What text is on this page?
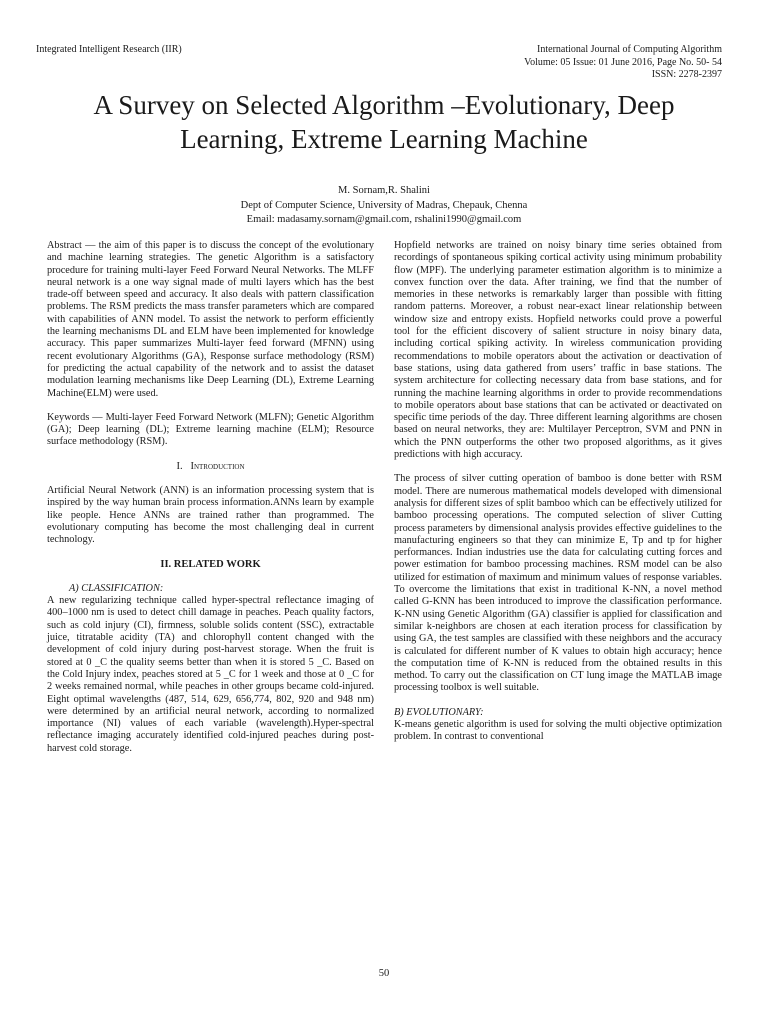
Integrated Intelligent Research (IIR)	International Journal of Computing Algorithm
Volume: 05 Issue: 01 June 2016, Page No. 50- 54
ISSN: 2278-2397
A Survey on Selected Algorithm –Evolutionary, Deep
Learning, Extreme Learning Machine
M. Sornam,R. Shalini
Dept of Computer Science, University of Madras, Chepauk, Chenna
Email: madasamy.sornam@gmail.com, rshalini1990@gmail.com

Abstract — the aim of this paper is to discuss the concept of the evolutionary and machine learning strategies. The genetic Algorithm is a satisfactory procedure for training multi-layer Feed Forward Neural Networks. The MLFF neural network is a one way signal made of multi layers which has the best trade-off between speed and accuracy. It also deals with pattern classification problems. The RSM predicts the mass transfer parameters which are compared with capabilities of ANN model. To assist the network to perform efficiently the learning mechanisms DL and ELM have been implemented for knowledge accuracy. This paper summarizes Multi-layer feed forward (MFNN) using recent evolutionary Algorithms (GA), Response surface methodology (RSM) for predicting the actual capability of the network and to assist the dataset modulation learning mechanisms like Deep Learning (DL), Extreme Learning Machine(ELM) were used.

Keywords — Multi-layer Feed Forward Network (MLFN); Genetic Algorithm (GA); Deep learning (DL); Extreme learning machine (ELM); Resource surface methodology (RSM).

I. Introduction

Artificial Neural Network (ANN) is an information processing system that is inspired by the way human brain process information.ANNs learn by example like people. Hence ANNs are trained rather than programmed. The evolutionary computing has become the most challenging deal in current technology.

II. RELATED WORK

A) CLASSIFICATION:

A new regularizing technique called hyper-spectral reflectance imaging of 400–1000 nm is used to detect chill damage in peaches. Peach quality factors, such as cold injury (CI), firmness, soluble solids content (SSC), extractable juice, titratable acidity (TA) and chlorophyll content changed with the development of cold injury during post-harvest storage. When the fruit is stored at 0 _C the quality seems better than when it is stored 5 _C. Based on the Cold Injury index, peaches stored at 5 _C for 1 week and those at 0 _C for 2 weeks remained normal, while peaches in other groups became cold-injured. Eight optimal wavelengths (487, 514, 629, 656,774, 802, 920 and 948 nm) were determined by an artificial neural network, according to normalized importance (NI) values of each variable (wavelength).Hyper-spectral reflectance imaging accurately identified cold-injured peaches during post-harvest cold storage.

Hopfield networks are trained on noisy binary time series obtained from recordings of spontaneous spiking cortical activity using minimum probability flow (MPF). The underlying parameter estimation algorithm is to minimize a convex function over the data. After training, we find that the number of memories in these networks is remarkably larger than possible with fitting random patterns. Moreover, a robust near-exact linear relationship between window size and entropy exists. Hopfield networks could prove a powerful tool for the efficient discovery of salient structure in noisy binary data, including cortical spiking activity. In wireless communication providing recommendations to mobile operators about the activation or deactivation of base stations, using data gathered from users’ traffic in base stations. The system architecture for collecting necessary data from base stations, and for running the machine learning algorithms in order to provide recommendations to mobile operators about base stations that can be activated or deactivated on specific time periods of the day. Three different learning algorithms are chosen based on neural networks, they are: Multilayer Perceptron, SVM and PNN in which the PNN outperforms the other two proposed algorithms, as it gives predictions with high accuracy.

The process of silver cutting operation of bamboo is done better with RSM model. There are numerous mathematical models developed with dimensional analysis for different sizes of split bamboo which can be effectively utilized for bamboo processing operations. The computed selection of sliver Cutting process parameters by dimensional analysis provides effective guidelines to the manufacturing engineers so that they can minimize E, Tp and tp for higher performances. Indian industries use the data for calculating cutting forces and power estimation for bamboo processing machines. RSM model can be also utilized for estimation of maximum and minimum values of response variables. To overcome the limitations that exist in traditional K-NN, a novel method called G-KNN has been introduced to improve the classification performance. K-NN using Genetic Algorithm (GA) classifier is applied for classification and similar k-neighbors are chosen at each iteration process for classification by using GA, the test samples are classified with these neighbors and the accuracy is calculated for different number of K values to obtain high accuracy; hence the computation time of K-NN is reduced from the obtained results in this method. To carry out the classification on CT lung image the MATLAB image processing toolbox is well suitable.

B) EVOLUTIONARY:

K-means genetic algorithm is used for solving the multi objective optimization problem. In contrast to conventional

50
